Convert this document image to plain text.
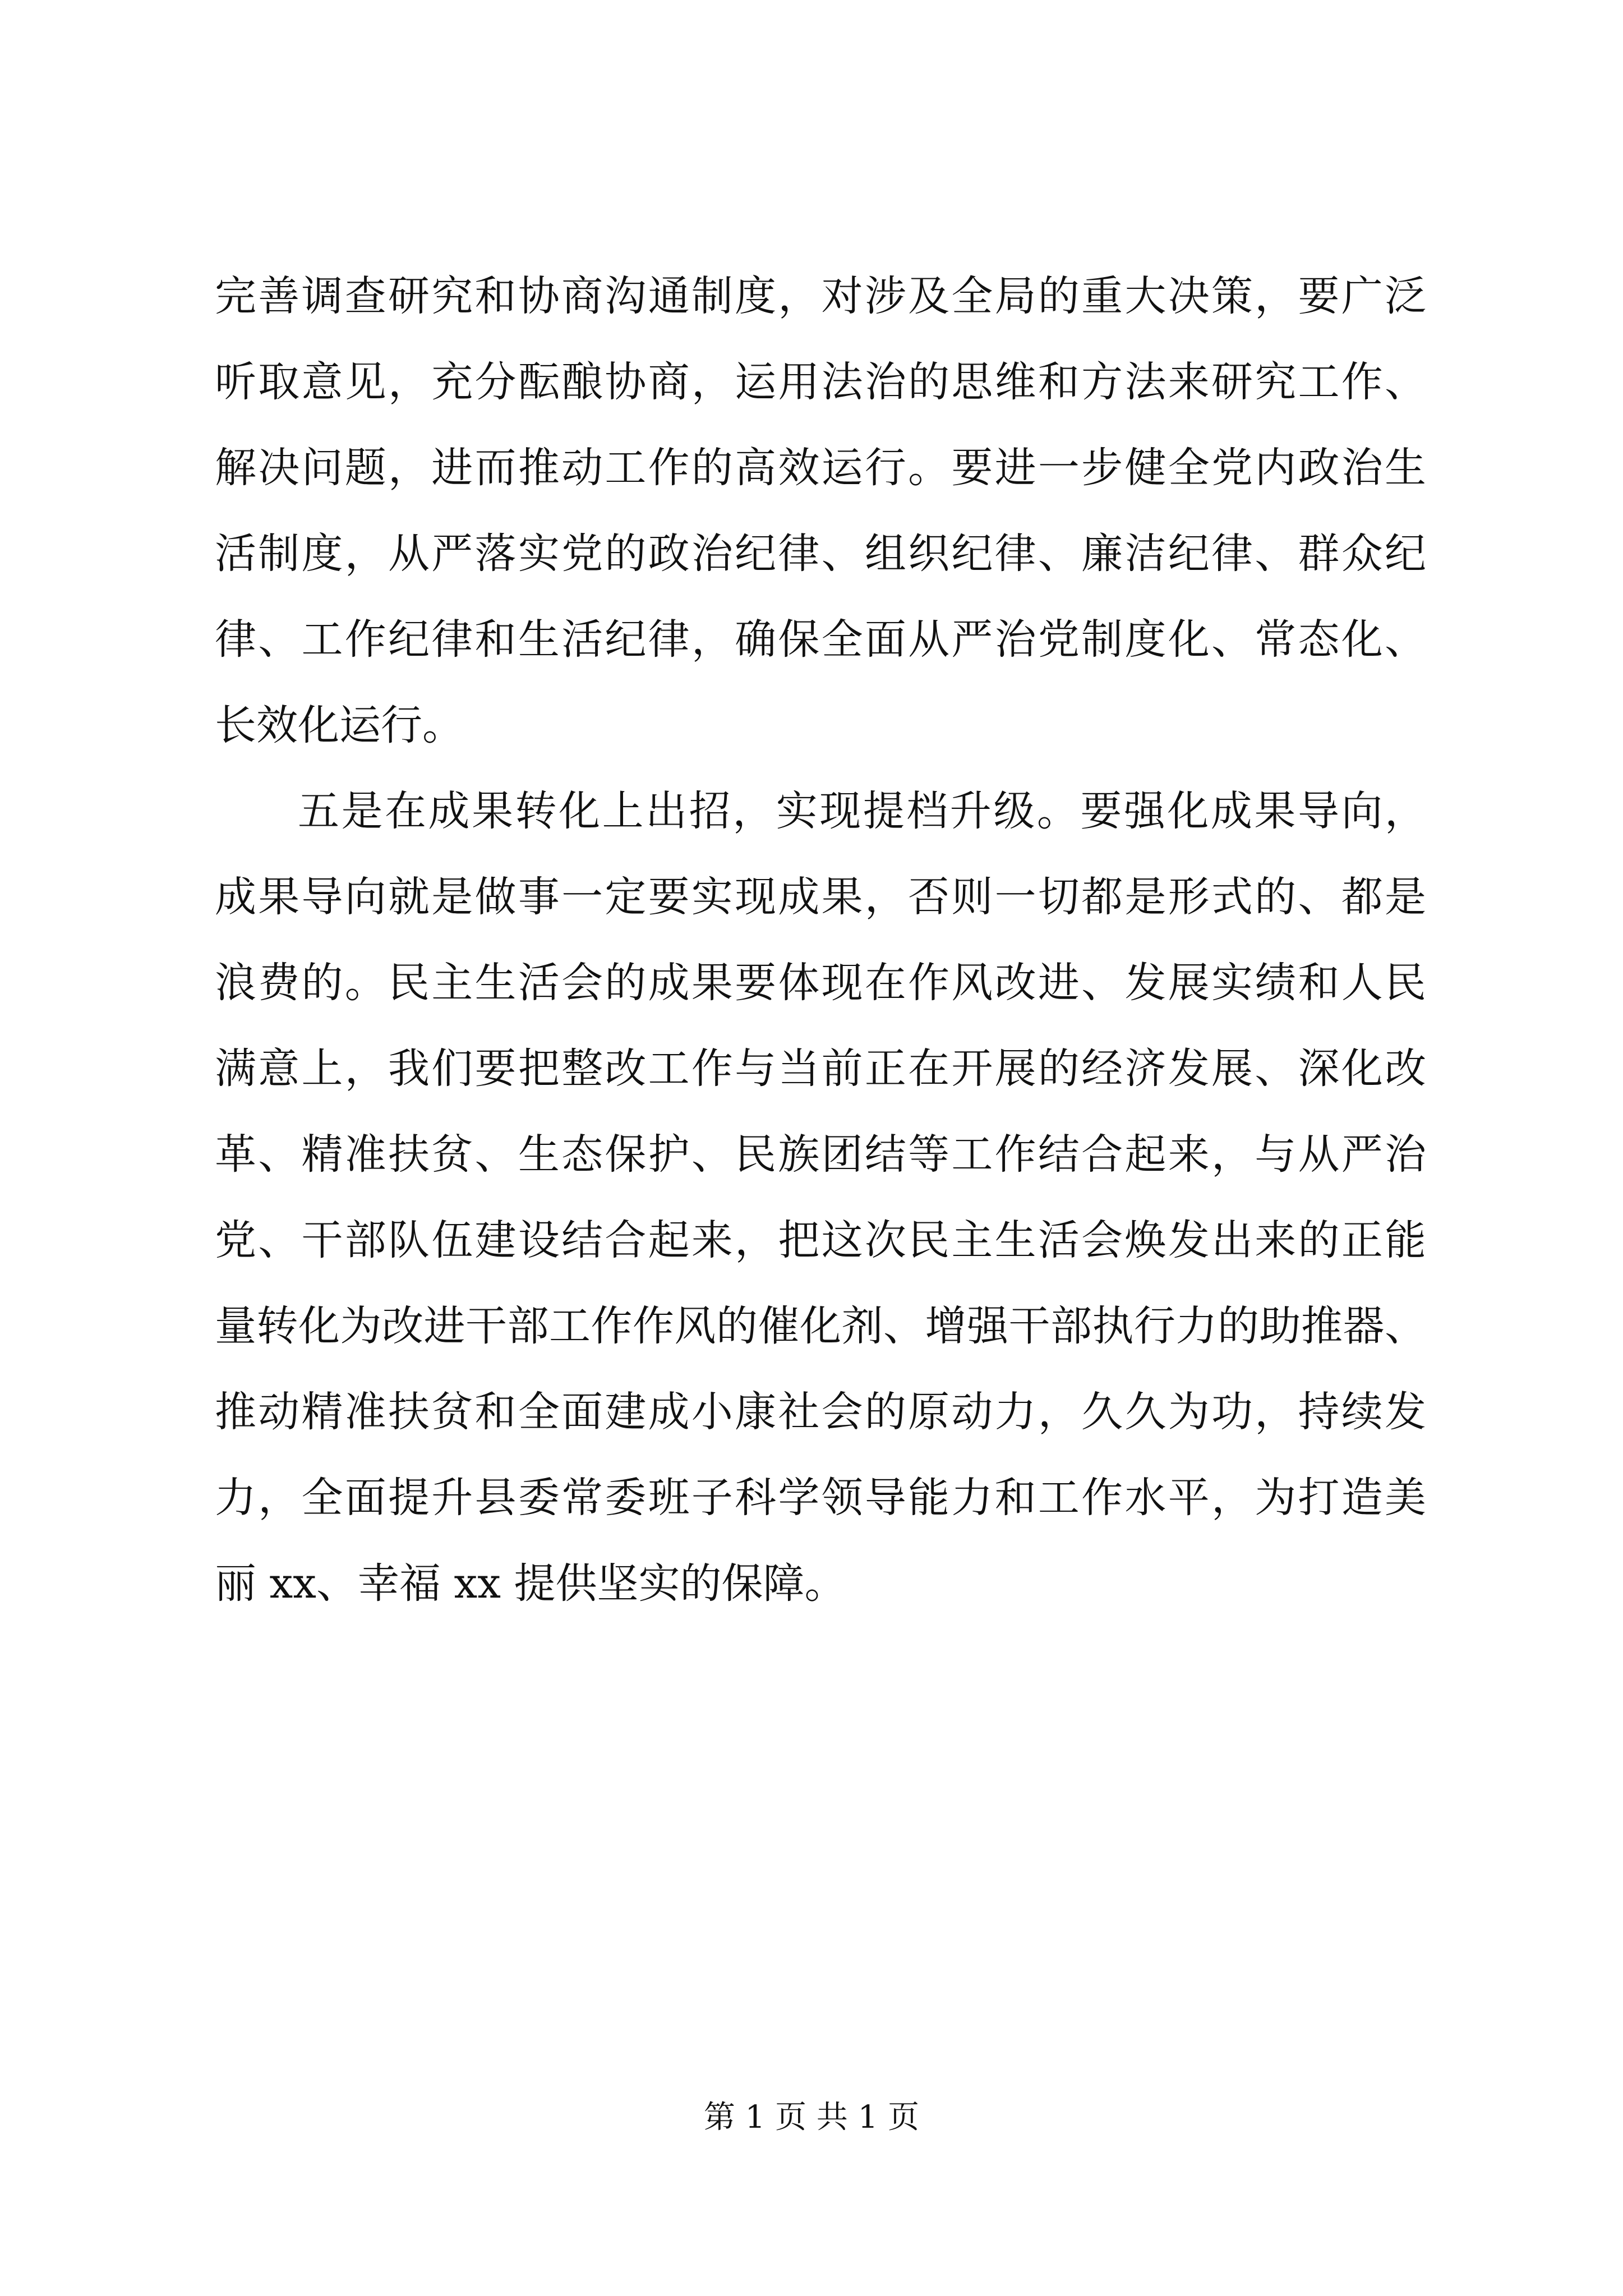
完善调查研究和协商沟通制度，对涉及全局的重大决策，要广泛
听取意见，充分酝酿协商，运用法治的思维和方法来研究工作、
解决问题，进而推动工作的高效运行。要进一步健全党内政治生
活制度，从严落实党的政治纪律、组织纪律、廉洁纪律、群众纪
律、工作纪律和生活纪律，确保全面从严治党制度化、常态化、
长效化运行。
五是在成果转化上出招，实现提档升级。要强化成果导向，
成果导向就是做事一定要实现成果，否则一切都是形式的、都是
浪费的。民主生活会的成果要体现在作风改进、发展实绩和人民
满意上，我们要把整改工作与当前正在开展的经济发展、深化改
革、精准扶贫、生态保护、民族团结等工作结合起来，与从严治
党、干部队伍建设结合起来，把这次民主生活会焕发出来的正能
量转化为改进干部工作作风的催化剂、增强干部执行力的助推器、
推动精准扶贫和全面建成小康社会的原动力，久久为功，持续发
力，全面提升县委常委班子科学领导能力和工作水平，为打造美
丽 xx、幸福 xx 提供坚实的保障。
第 1 页 共 1 页
